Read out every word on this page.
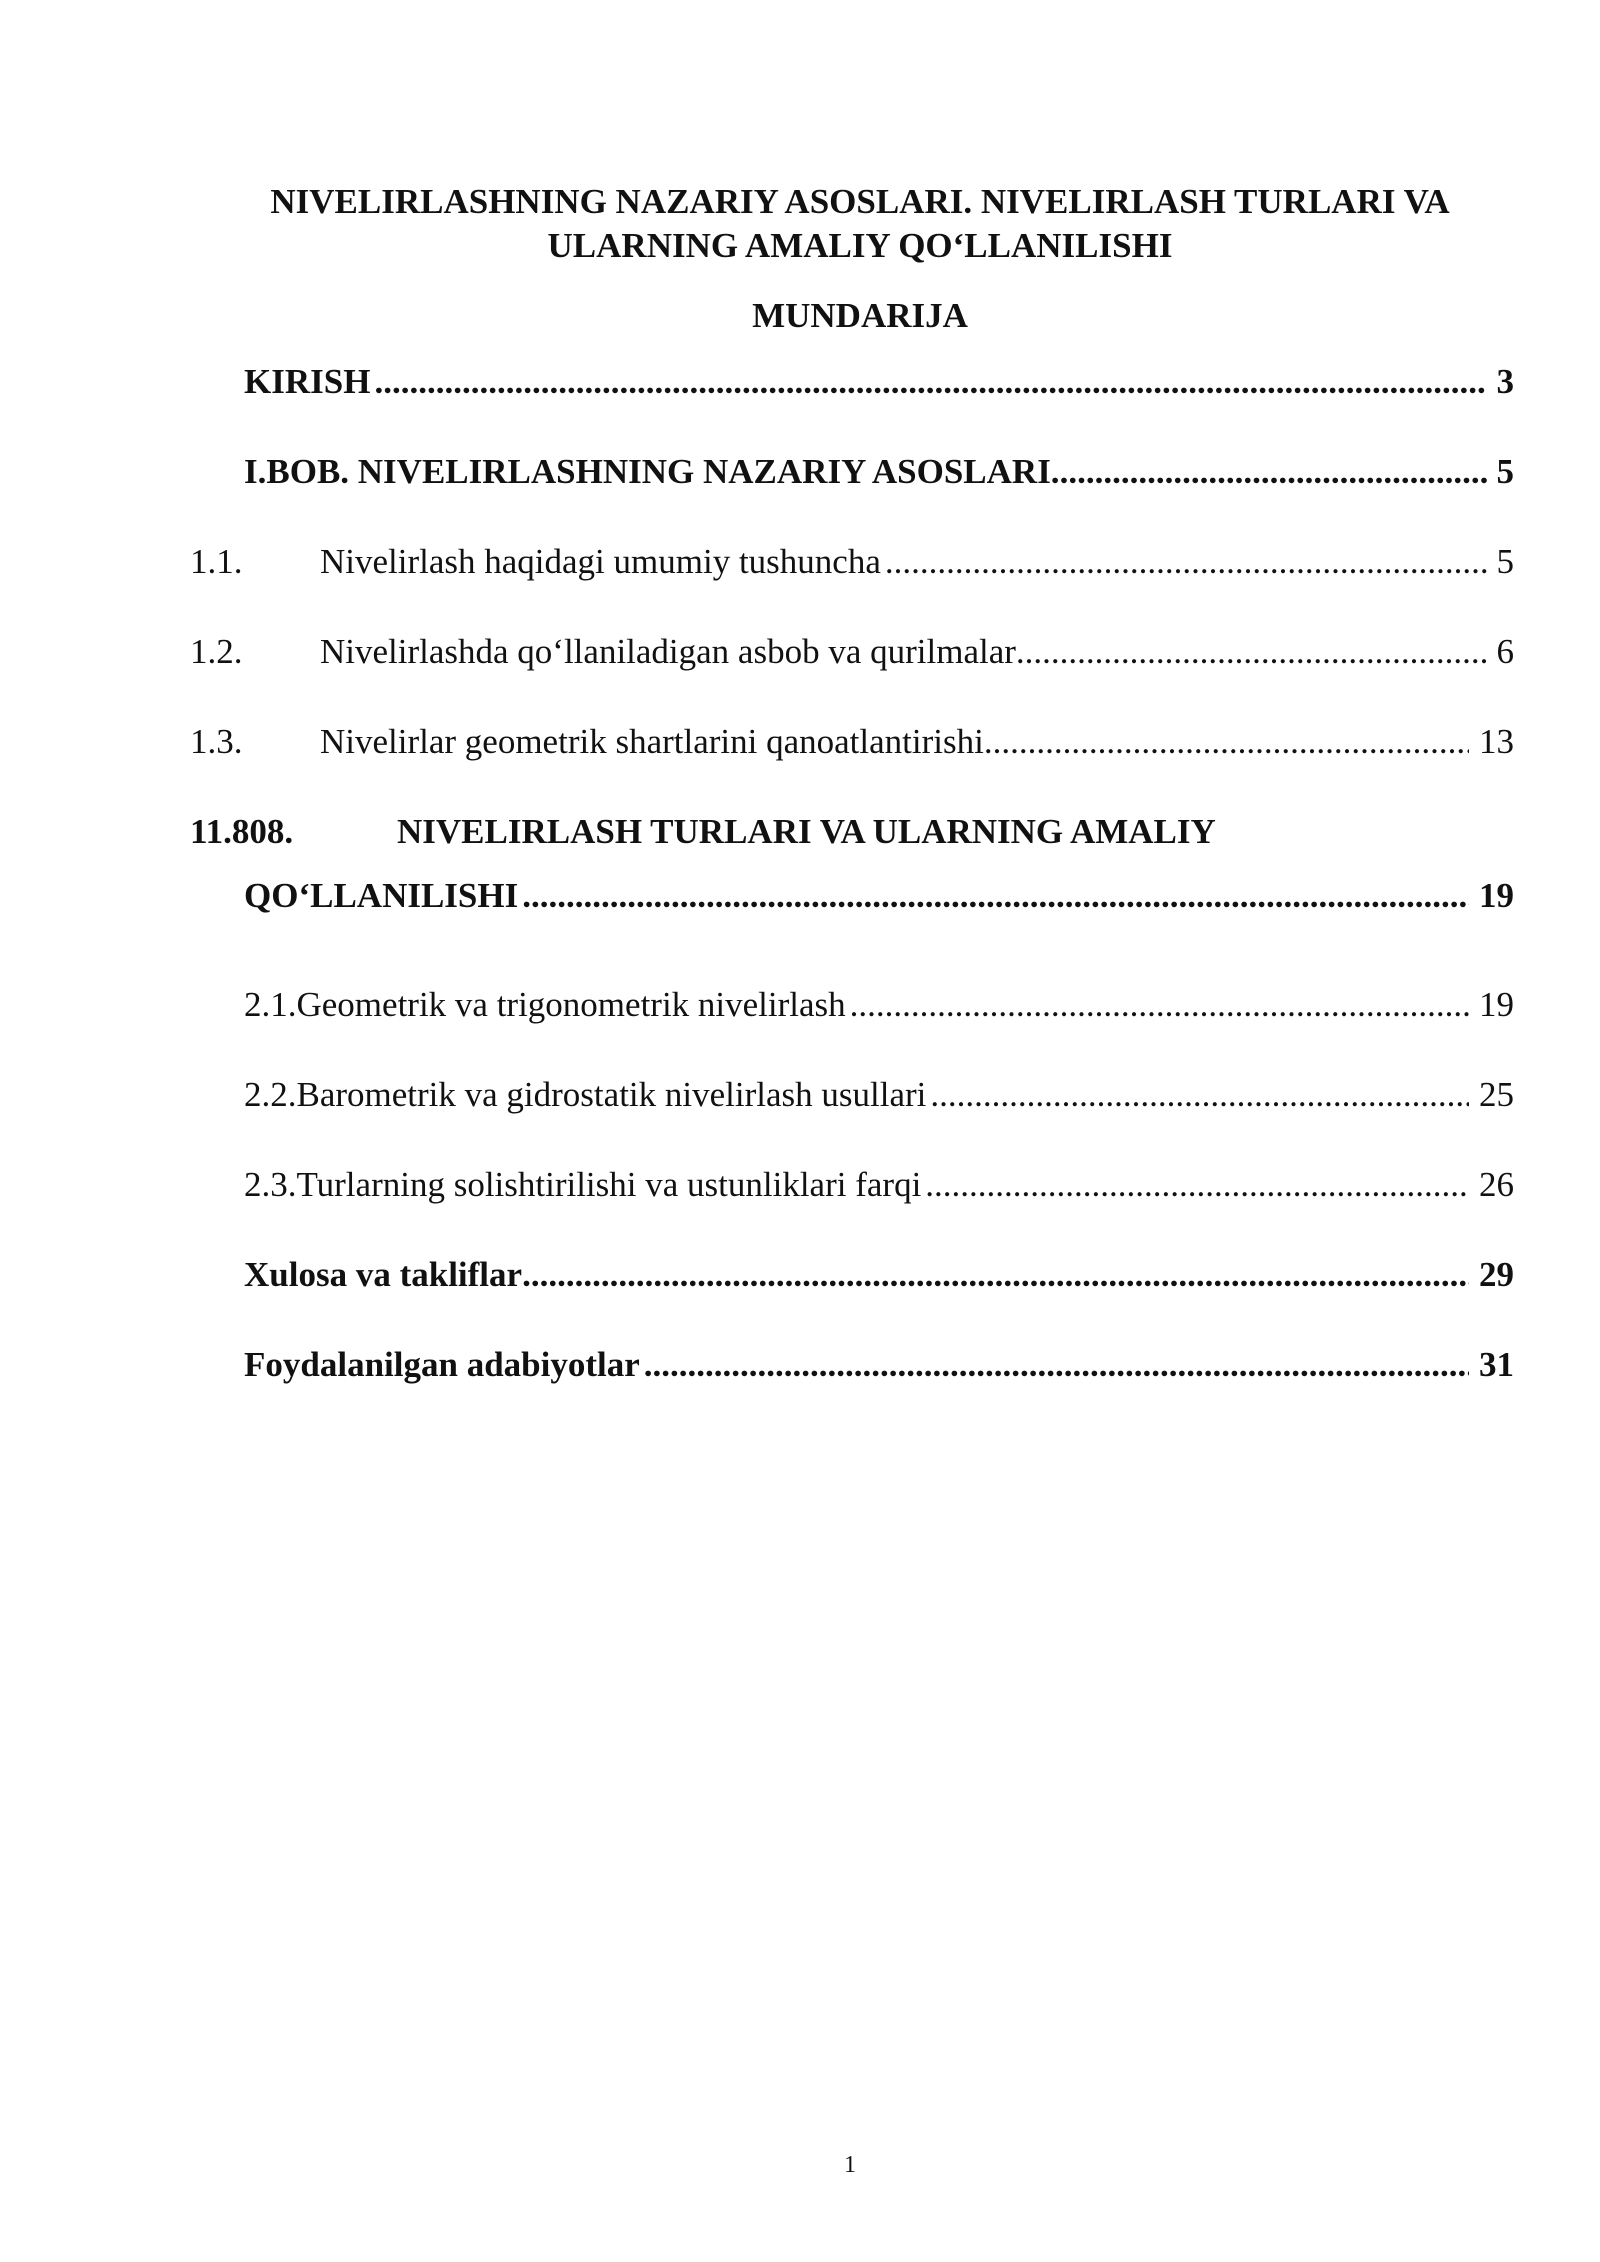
NIVELIRLASHNING NAZARIY ASOSLARI. NIVELIRLASH TURLARI VA
ULARNING AMALIY QO‘LLANILISHI
MUNDARIJA
KIRISH .....	3
I.BOB. NIVELIRLASHNING NAZARIY ASOSLARI. .....	5
1.1.	Nivelirlash haqidagi umumiy tushuncha .....	5
1.2.	Nivelirlashda qo‘llaniladigan asbob va qurilmalar .....	6
1.3.	Nivelirlar geometrik shartlarini qanoatlantirishi .....	13
11.808.	NIVELIRLASH TURLARI VA ULARNING AMALIY
QO‘LLANILISHI .....	19
2.1.Geometrik va trigonometrik nivelirlash .....	19
2.2.Barometrik va gidrostatik nivelirlash usullari .....	25
2.3.Turlarning solishtirilishi va ustunliklari farqi .....	26
Xulosa va takliflar .....	29
Foydalanilgan adabiyotlar .....	31
1
